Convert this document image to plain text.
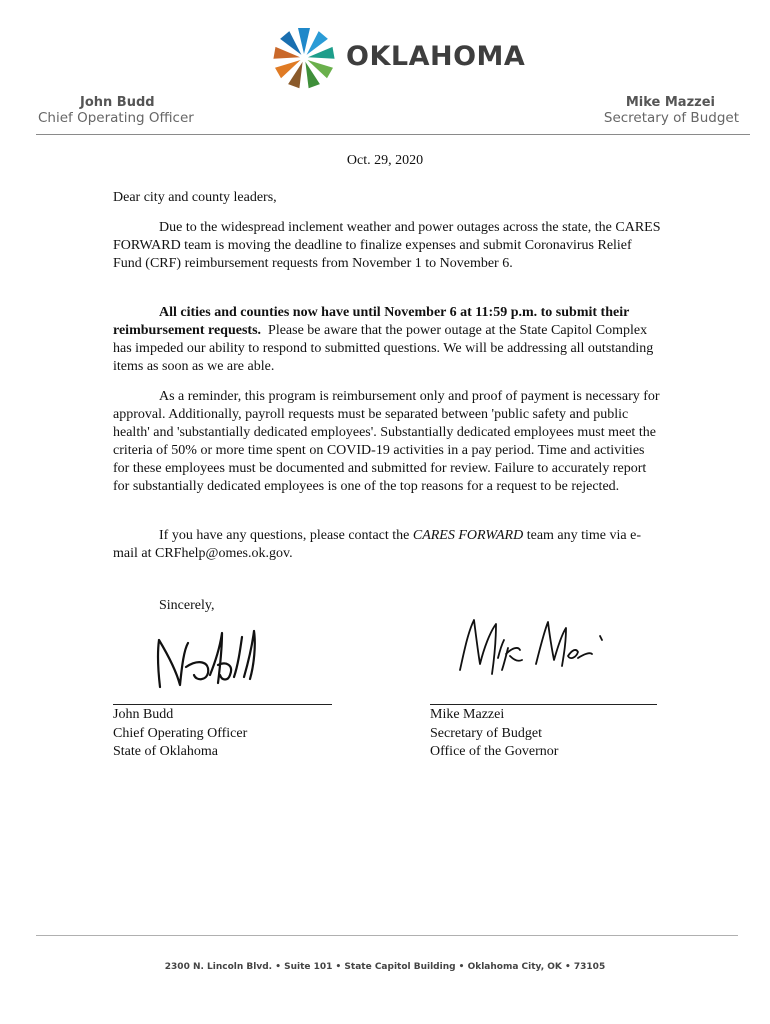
OKLAHOMA
John Budd
Chief Operating Officer
Mike Mazzei
Secretary of Budget
Oct. 29, 2020

Dear city and county leaders,

Due to the widespread inclement weather and power outages across the state, the CARES FORWARD team is moving the deadline to finalize expenses and submit Coronavirus Relief Fund (CRF) reimbursement requests from November 1 to November 6.

All cities and counties now have until November 6 at 11:59 p.m. to submit their reimbursement requests. Please be aware that the power outage at the State Capitol Complex has impeded our ability to respond to submitted questions. We will be addressing all outstanding items as soon as we are able.

As a reminder, this program is reimbursement only and proof of payment is necessary for approval. Additionally, payroll requests must be separated between 'public safety and public health' and 'substantially dedicated employees'. Substantially dedicated employees must meet the criteria of 50% or more time spent on COVID-19 activities in a pay period. Time and activities for these employees must be documented and submitted for review. Failure to accurately report for substantially dedicated employees is one of the top reasons for a request to be rejected.

If you have any questions, please contact the CARES FORWARD team any time via e-mail at CRFhelp@omes.ok.gov.

Sincerely,

John Budd
Chief Operating Officer
State of Oklahoma
Mike Mazzei
Secretary of Budget
Office of the Governor
2300 N. Lincoln Blvd. • Suite 101 • State Capitol Building • Oklahoma City, OK • 73105
